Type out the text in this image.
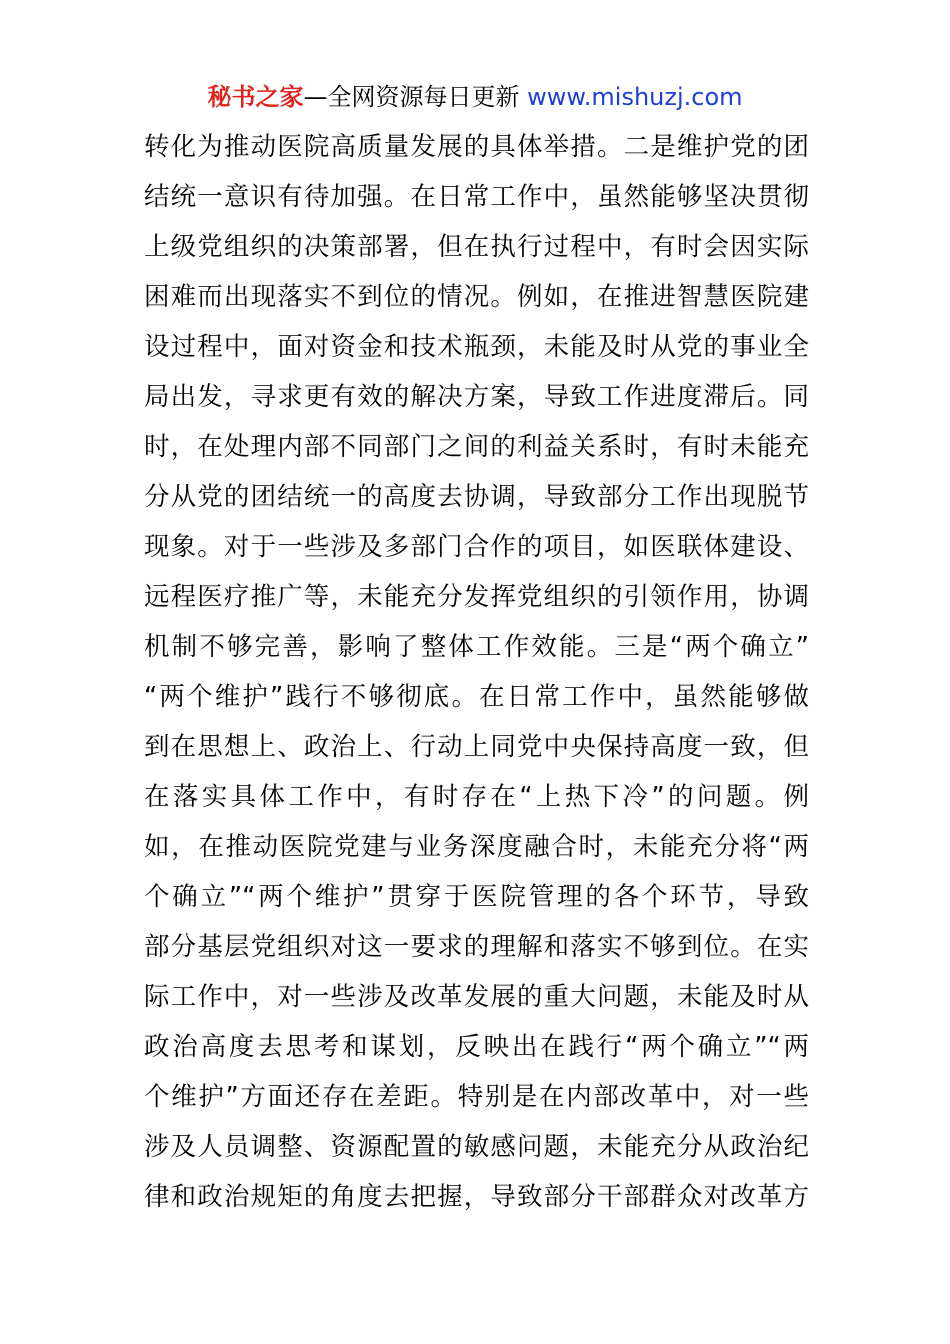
秘书之家—全网资源每日更新 www.mishuzj.com
转化为推动医院高质量发展的具体举措。二是维护党的团
结统一意识有待加强。在日常工作中，虽然能够坚决贯彻
上级党组织的决策部署，但在执行过程中，有时会因实际
困难而出现落实不到位的情况。例如，在推进智慧医院建
设过程中，面对资金和技术瓶颈，未能及时从党的事业全
局出发，寻求更有效的解决方案，导致工作进度滞后。同
时，在处理内部不同部门之间的利益关系时，有时未能充
分从党的团结统一的高度去协调，导致部分工作出现脱节
现象。对于一些涉及多部门合作的项目，如医联体建设、
远程医疗推广等，未能充分发挥党组织的引领作用，协调
机制不够完善，影响了整体工作效能。三是“两个确立”
“两个维护”践行不够彻底。在日常工作中，虽然能够做
到在思想上、政治上、行动上同党中央保持高度一致，但
在落实具体工作中，有时存在“上热下冷”的问题。例
如，在推动医院党建与业务深度融合时，未能充分将“两
个确立”“两个维护”贯穿于医院管理的各个环节，导致
部分基层党组织对这一要求的理解和落实不够到位。在实
际工作中，对一些涉及改革发展的重大问题，未能及时从
政治高度去思考和谋划，反映出在践行“两个确立”“两
个维护”方面还存在差距。特别是在内部改革中，对一些
涉及人员调整、资源配置的敏感问题，未能充分从政治纪
律和政治规矩的角度去把握，导致部分干部群众对改革方
